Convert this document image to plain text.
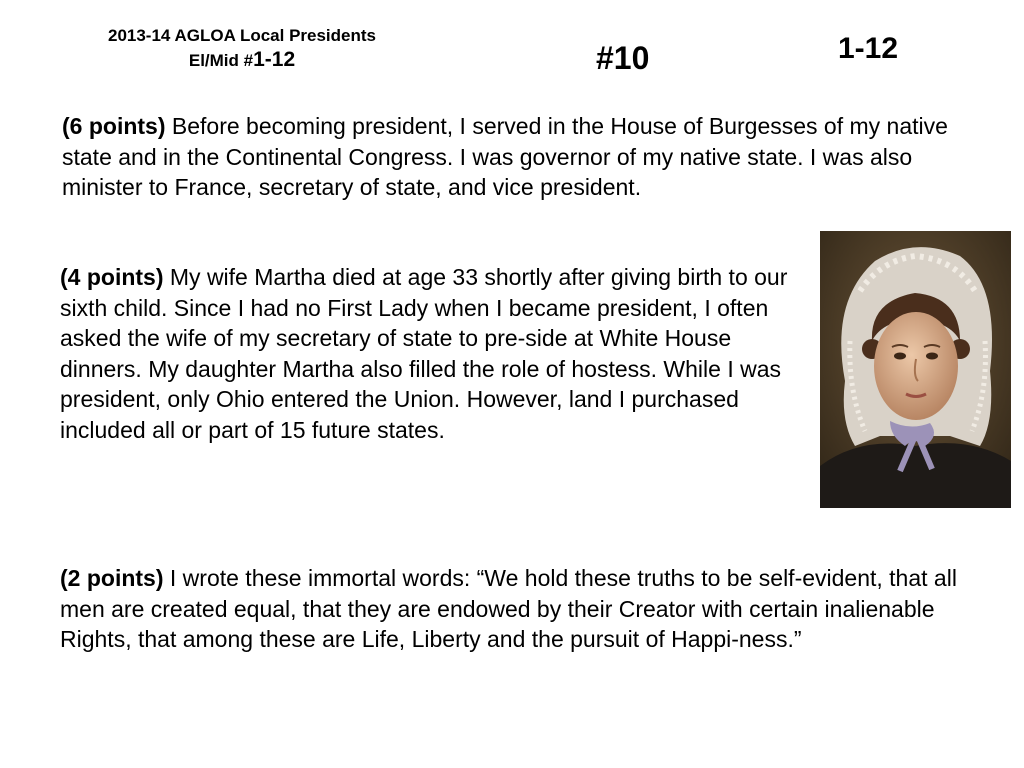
2013-14 AGLOA Local Presidents
El/Mid #1-12	#10	1-12
(6 points) Before becoming president, I served in the House of Burgesses of my native state and in the Continental Congress. I was governor of my native state. I was also minister to France, secretary of state, and vice president.
(4 points) My wife Martha died at age 33 shortly after giving birth to our sixth child. Since I had no First Lady when I became president, I often asked the wife of my secretary of state to pre-side at White House dinners. My daughter Martha also filled the role of hostess. While I was president, only Ohio entered the Union. However, land I purchased included all or part of 15 future states.
(2 points) I wrote these immortal words: “We hold these truths to be self-evident, that all men are created equal, that they are endowed by their Creator with certain inalienable Rights, that among these are Life, Liberty and the pursuit of Happi-ness.”
